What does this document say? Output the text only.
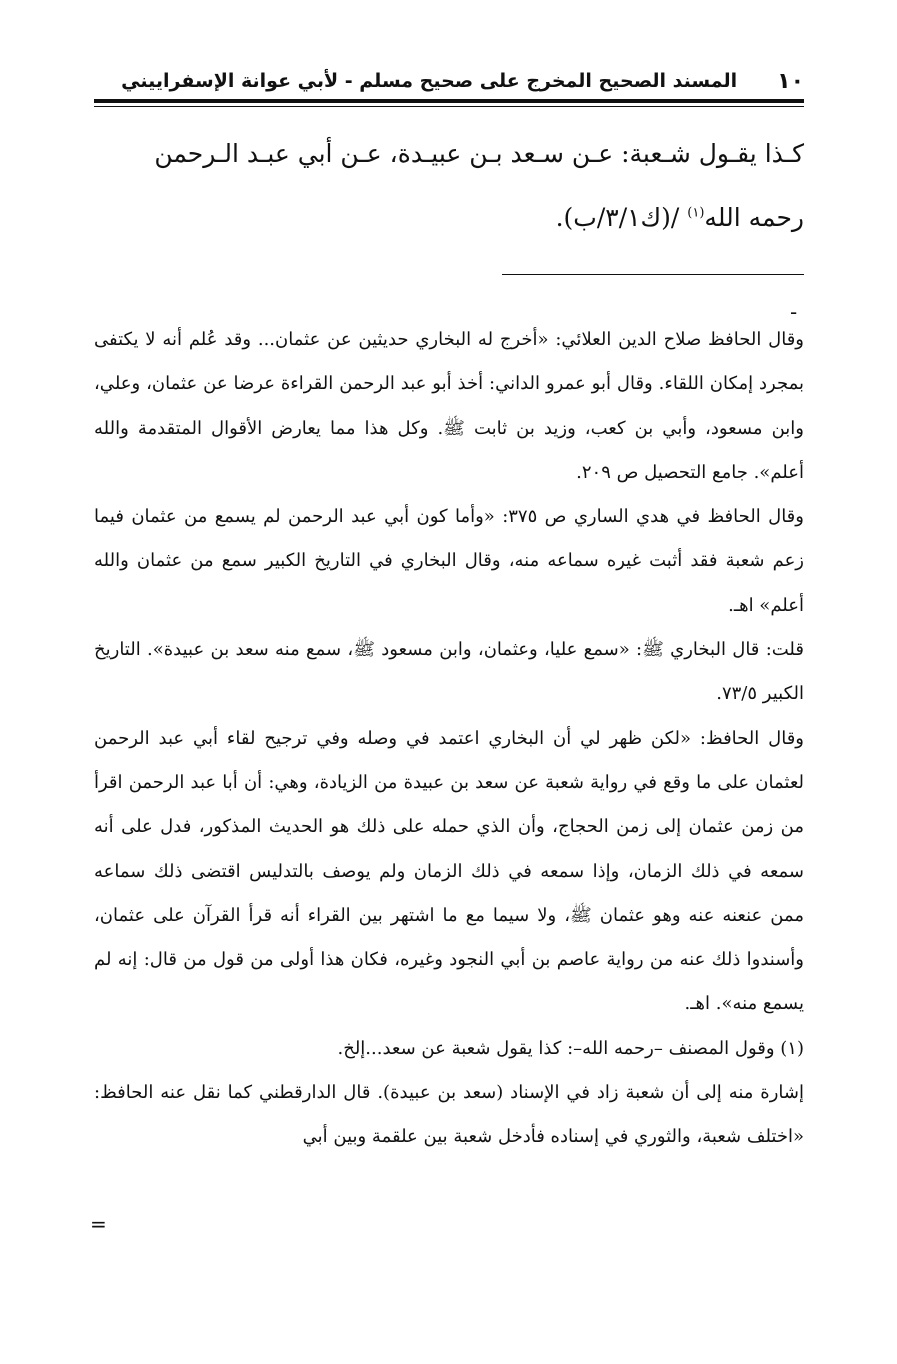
١٠
المسند الصحيح المخرج على صحيح مسلم - لأبي عوانة الإسفراييني

كـذا يقـول شـعبة: عـن سـعد بـن عبيـدة، عـن أبي عبـد الـرحمن

رحمه الله$^{(١)}$ /(ك٣/١/ب).

-

وقال الحافظ صلاح الدين العلائي: «أخرج له البخاري حديثين عن عثمان... وقد عُلم أنه لا يكتفى بمجرد إمكان اللقاء. وقال أبو عمرو الداني: أخذ أبو عبد الرحمن القراءة عرضا عن عثمان، وعلي، وابن مسعود، وأبي بن كعب، وزيد بن ثابت ﷺ. وكل هذا مما يعارض الأقوال المتقدمة والله أعلم». جامع التحصيل ص ٢٠٩.

وقال الحافظ في هدي الساري ص ٣٧٥: «وأما كون أبي عبد الرحمن لم يسمع من عثمان فيما زعم شعبة فقد أثبت غيره سماعه منه، وقال البخاري في التاريخ الكبير سمع من عثمان والله أعلم» اهـ.

قلت: قال البخاري ﷺ: «سمع عليا، وعثمان، وابن مسعود ﷺ، سمع منه سعد بن عبيدة». التاريخ الكبير ٧٣/٥.

وقال الحافظ: «لكن ظهر لي أن البخاري اعتمد في وصله وفي ترجيح لقاء أبي عبد الرحمن لعثمان على ما وقع في رواية شعبة عن سعد بن عبيدة من الزيادة، وهي: أن أبا عبد الرحمن اقرأ من زمن عثمان إلى زمن الحجاج، وأن الذي حمله على ذلك هو الحديث المذكور، فدل على أنه سمعه في ذلك الزمان، وإذا سمعه في ذلك الزمان ولم يوصف بالتدليس اقتضى ذلك سماعه ممن عنعنه عنه وهو عثمان ﷺ، ولا سيما مع ما اشتهر بين القراء أنه قرأ القرآن على عثمان، وأسندوا ذلك عنه من رواية عاصم بن أبي النجود وغيره، فكان هذا أولى من قول من قال: إنه لم يسمع منه». اهـ.

(١) وقول المصنف –رحمه الله–: كذا يقول شعبة عن سعد...إلخ.

إشارة منه إلى أن شعبة زاد في الإسناد (سعد بن عبيدة). قال الدارقطني كما نقل عنه الحافظ: «اختلف شعبة، والثوري في إسناده فأدخل شعبة بين علقمة وبين أبي

=
